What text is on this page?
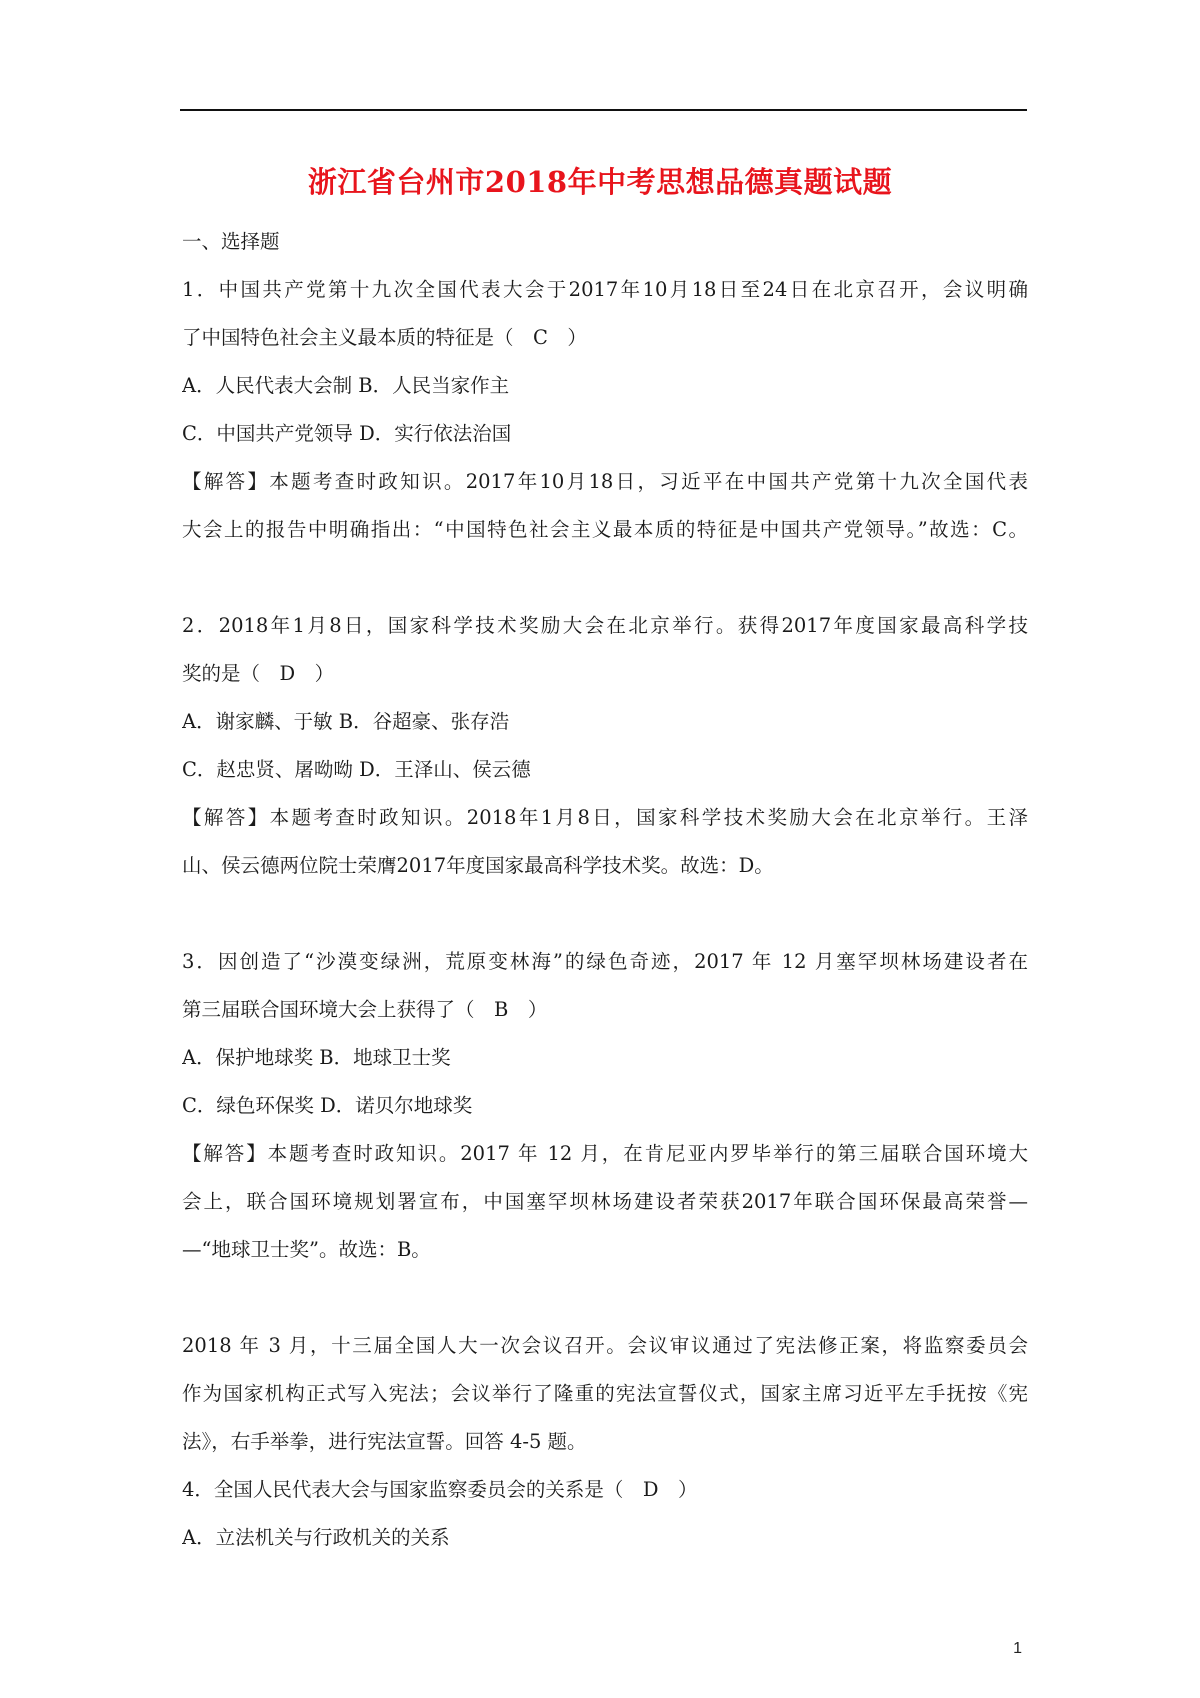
浙江省台州市2018年中考思想品德真题试题
一、选择题
1．中国共产党第十九次全国代表大会于2017年10月18日至24日在北京召开，会议明确
了中国特色社会主义最本质的特征是（　C　）
A．人民代表大会制 B．人民当家作主
C．中国共产党领导 D．实行依法治国
【解答】本题考查时政知识。2017年10月18日，习近平在中国共产党第十九次全国代表
大会上的报告中明确指出：“中国特色社会主义最本质的特征是中国共产党领导。”故选：C。
2．2018年1月8日，国家科学技术奖励大会在北京举行。获得2017年度国家最高科学技
奖的是（　D　）
A．谢家麟、于敏 B．谷超豪、张存浩
C．赵忠贤、屠呦呦 D．王泽山、侯云德
【解答】本题考查时政知识。2018年1月8日，国家科学技术奖励大会在北京举行。王泽
山、侯云德两位院士荣膺2017年度国家最高科学技术奖。故选：D。
3．因创造了“沙漠变绿洲，荒原变林海”的绿色奇迹，2017 年 12 月塞罕坝林场建设者在
第三届联合国环境大会上获得了（　B　）
A．保护地球奖 B．地球卫士奖
C．绿色环保奖 D．诺贝尔地球奖
【解答】本题考查时政知识。2017 年 12 月，在肯尼亚内罗毕举行的第三届联合国环境大
会上，联合国环境规划署宣布，中国塞罕坝林场建设者荣获2017年联合国环保最高荣誉—
—“地球卫士奖”。故选：B。
2018 年 3 月，十三届全国人大一次会议召开。会议审议通过了宪法修正案，将监察委员会
作为国家机构正式写入宪法；会议举行了隆重的宪法宣誓仪式，国家主席习近平左手抚按《宪
法》，右手举拳，进行宪法宣誓。回答 4-5 题。
4．全国人民代表大会与国家监察委员会的关系是（　D　）
A．立法机关与行政机关的关系
1
